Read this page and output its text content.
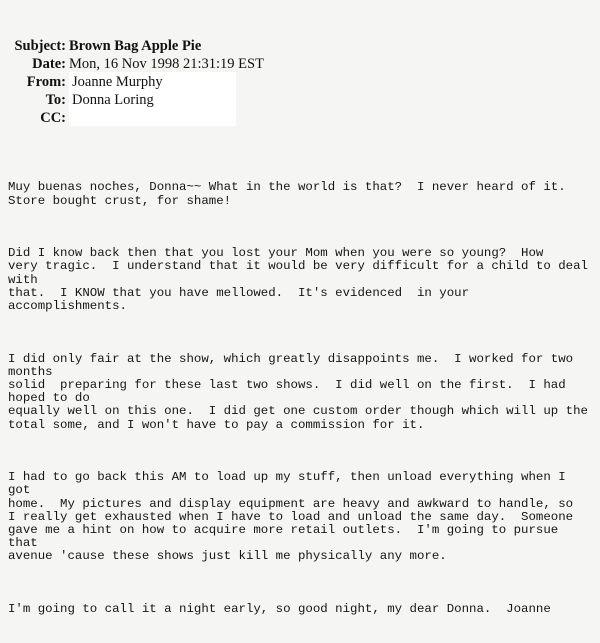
Subject: Brown Bag Apple Pie
Date: Mon, 16 Nov 1998 21:31:19 EST
From: Joanne Murphy
To: Donna Loring
CC:

Muy buenas noches, Donna~~ What in the world is that?  I never heard of it.
Store bought crust, for shame!

Did I know back then that you lost your Mom when you were so young?  How
very tragic.  I understand that it would be very difficult for a child to deal
with
that.  I KNOW that you have mellowed.  It's evidenced  in your
accomplishments.

I did only fair at the show, which greatly disappoints me.  I worked for two
months
solid  preparing for these last two shows.  I did well on the first.  I had
hoped to do
equally well on this one.  I did get one custom order though which will up the
total some, and I won't have to pay a commission for it.

I had to go back this AM to load up my stuff, then unload everything when I
got
home.  My pictures and display equipment are heavy and awkward to handle, so
I really get exhausted when I have to load and unload the same day.  Someone
gave me a hint on how to acquire more retail outlets.  I'm going to pursue
that
avenue 'cause these shows just kill me physically any more.

I'm going to call it a night early, so good night, my dear Donna.  Joanne
